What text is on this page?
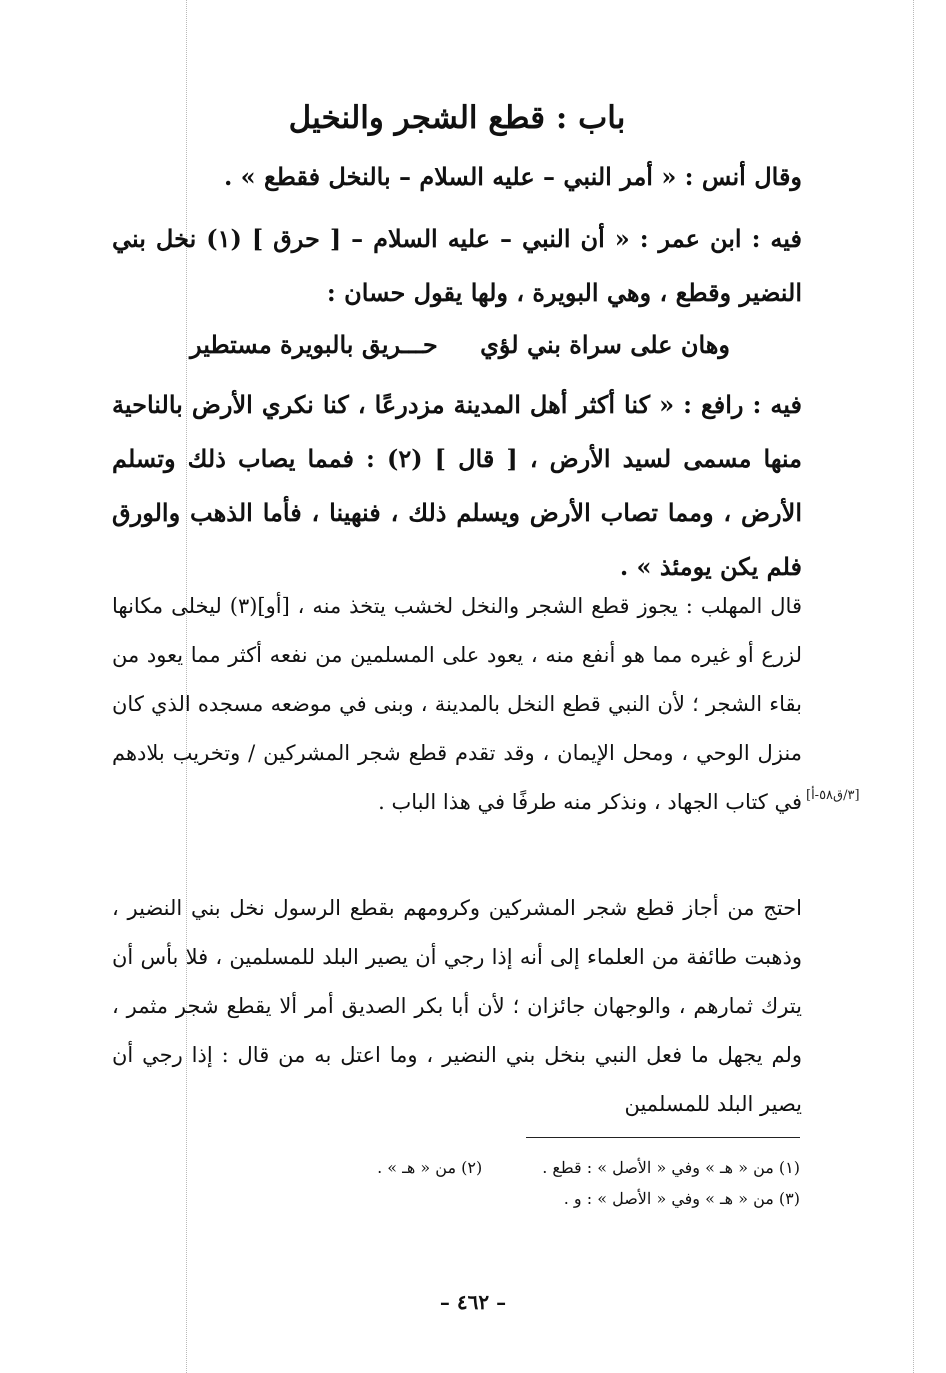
باب : قطع الشجر والنخيل
وقال أنس : « أمر النبي – عليه السلام – بالنخل فقطع » .
فيه : ابن عمر : « أن النبي – عليه السلام – [ حرق ] (١) نخل بني النضير وقطع ، وهي البويرة ، ولها يقول حسان :
وهان على سراة بني لؤي
حـــريق بالبويرة مستطير
فيه : رافع : « كنا أكثر أهل المدينة مزدرعًا ، كنا نكري الأرض بالناحية منها مسمى لسيد الأرض ، [ قال ] (٢) : فمما يصاب ذلك وتسلم الأرض ، ومما تصاب الأرض ويسلم ذلك ، فنهينا ، فأما الذهب والورق فلم يكن يومئذ » .
قال المهلب : يجوز قطع الشجر والنخل لخشب يتخذ منه ، [أو](٣) ليخلى مكانها لزرع أو غيره مما هو أنفع منه ، يعود على المسلمين من نفعه أكثر مما يعود من بقاء الشجر ؛ لأن النبي قطع النخل بالمدينة ، وبنى في موضعه مسجده الذي كان منزل الوحي ، ومحل الإيمان ، وقد تقدم قطع شجر المشركين / وتخريب بلادهم في كتاب الجهاد ، ونذكر منه طرفًا في هذا الباب . [٣/ق٥٨-أ]
احتج من أجاز قطع شجر المشركين وكرومهم بقطع الرسول نخل بني النضير ، وذهبت طائفة من العلماء إلى أنه إذا رجي أن يصير البلد للمسلمين ، فلا بأس أن يترك ثمارهم ، والوجهان جائزان ؛ لأن أبا بكر الصديق أمر ألا يقطع شجر مثمر ، ولم يجهل ما فعل النبي بنخل بني النضير ، وما اعتل به من قال : إذا رجي أن يصير البلد للمسلمين
(١) من « هـ » وفي « الأصل » : قطع .
(٢) من « هـ » .
(٣) من « هـ » وفي « الأصل » : و .
– ٤٦٢ –
